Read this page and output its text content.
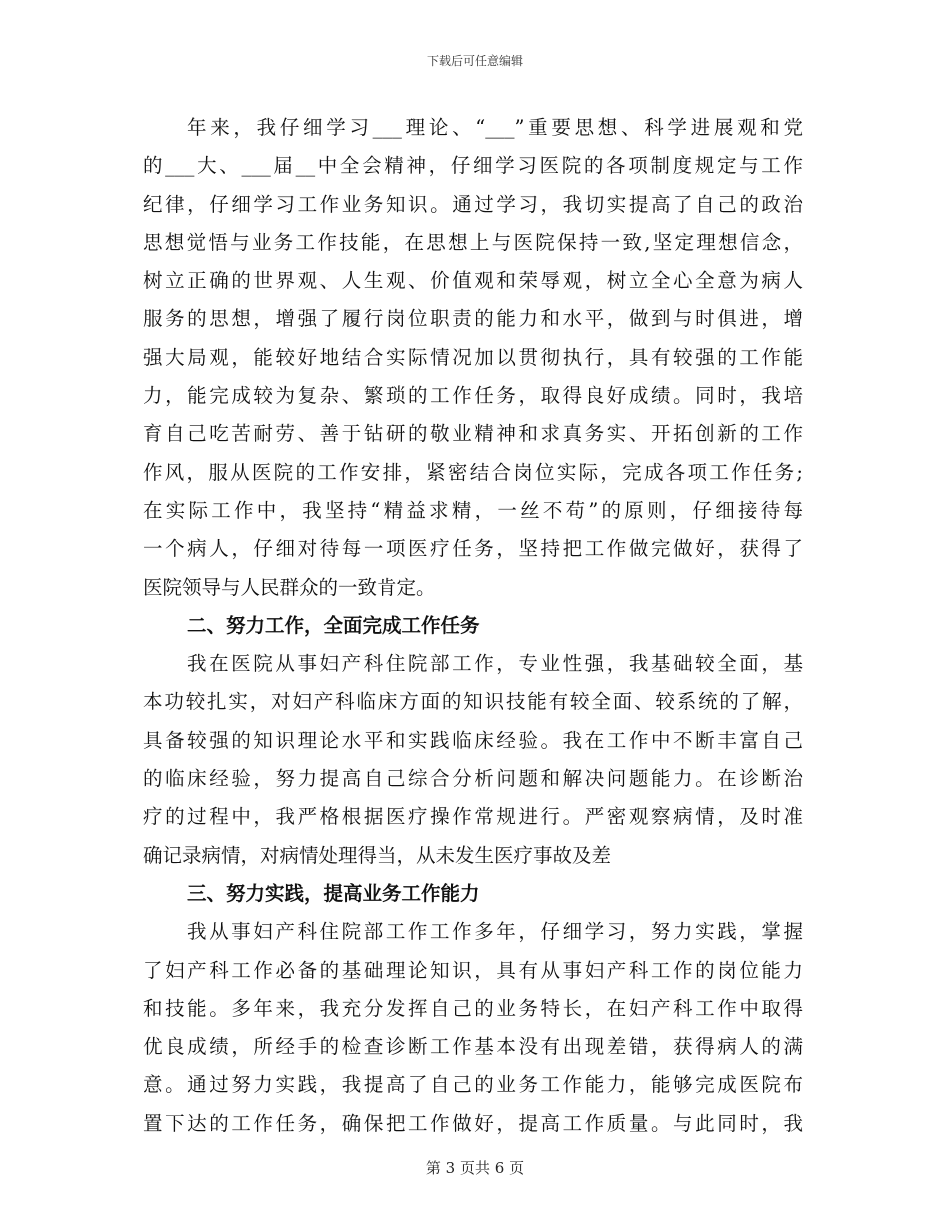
下载后可任意编辑
年来，我仔细学习___理论、“___”重要思想、科学进展观和党
的___大、___届__中全会精神，仔细学习医院的各项制度规定与工作
纪律，仔细学习工作业务知识。通过学习，我切实提高了自己的政治
思想觉悟与业务工作技能，在思想上与医院保持一致,坚定理想信念，
树立正确的世界观、人生观、价值观和荣辱观，树立全心全意为病人
服务的思想，增强了履行岗位职责的能力和水平，做到与时俱进，增
强大局观，能较好地结合实际情况加以贯彻执行，具有较强的工作能
力，能完成较为复杂、繁琐的工作任务，取得良好成绩。同时，我培
育自己吃苦耐劳、善于钻研的敬业精神和求真务实、开拓创新的工作
作风，服从医院的工作安排，紧密结合岗位实际，完成各项工作任务;
在实际工作中，我坚持“精益求精，一丝不苟”的原则，仔细接待每
一个病人，仔细对待每一项医疗任务，坚持把工作做完做好，获得了
医院领导与人民群众的一致肯定。
二、努力工作，全面完成工作任务
我在医院从事妇产科住院部工作，专业性强，我基础较全面，基
本功较扎实，对妇产科临床方面的知识技能有较全面、较系统的了解，
具备较强的知识理论水平和实践临床经验。我在工作中不断丰富自己
的临床经验，努力提高自己综合分析问题和解决问题能力。在诊断治
疗的过程中，我严格根据医疗操作常规进行。严密观察病情，及时准
确记录病情，对病情处理得当，从未发生医疗事故及差
三、努力实践，提高业务工作能力
我从事妇产科住院部工作工作多年，仔细学习，努力实践，掌握
了妇产科工作必备的基础理论知识，具有从事妇产科工作的岗位能力
和技能。多年来，我充分发挥自己的业务特长，在妇产科工作中取得
优良成绩，所经手的检查诊断工作基本没有出现差错，获得病人的满
意。通过努力实践，我提高了自己的业务工作能力，能够完成医院布
置下达的工作任务，确保把工作做好，提高工作质量。与此同时，我
第 3 页共 6 页
